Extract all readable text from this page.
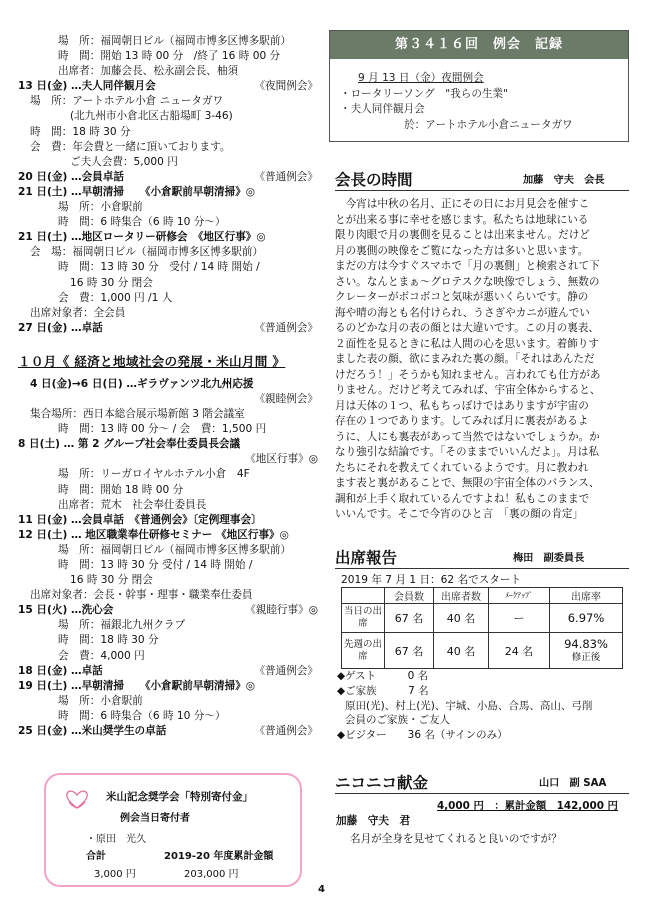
場　所：福岡朝日ビル（福岡市博多区博多駅前）
時　間：開始 13 時 00 分　/終了 16 時 00 分
出席者：加藤会長、松永副会長、柚須
13 日(金) …夫人同伴観月会	《夜間例会》
場　所：アートホテル小倉 ニュータガワ
(北九州市小倉北区古船場町 3-46)
時　間：18 時 30 分
会　費：年会費と一緒に頂いております。
ご夫人会費：5,000 円
20 日(金) …会員卓話	《普通例会》
21 日(土) …早朝清掃　　《小倉駅前早朝清掃》◎
場　所：小倉駅前
時　間：6 時集合（6 時 10 分～）
21 日(土) …地区ロータリー研修会　《地区行事》◎
会　場：福岡朝日ビル（福岡市博多区博多駅前）
時　間：13 時 30 分　受付 / 14 時 開始 /
16 時 30 分 閉会
会　費：1,000 円 /1 人
出席対象者：全会員
27 日(金) …卓話	《普通例会》
１０月《 経済と地域社会の発展・米山月間 》
4 日(金)→6 日(日) …ギラヴァンツ北九州応援
《親睦例会》
集合場所：西日本総合展示場新館 3 階会議室
時　間：13 時 00 分～ / 会　費：1,500 円
8 日(土) … 第 2 グループ社会奉仕委員長会議
《地区行事》◎
場　所：リーガロイヤルホテル小倉　4F
時　間：開始 18 時 00 分
出席者：荒木　社会奉仕委員長
11 日(金) …会員卓話　《普通例会》〔定例理事会〕
12 日(土) … 地区職業奉仕研修セミナー 《地区行事》◎
場　所：福岡朝日ビル（福岡市博多区博多駅前）
時　間：13 時 30 分 受付 / 14 時 開始 /
16 時 30 分 閉会
出席対象者：会長・幹事・理事・職業奉仕委員
15 日(火) …洗心会	《親睦行事》◎
場　所：福銀北九州クラブ
時　間：18 時 30 分
会　費：4,000 円
18 日(金) …卓話	《普通例会》
19 日(土) …早朝清掃　　《小倉駅前早朝清掃》◎
場　所：小倉駅前
時　間：6 時集合（6 時 10 分～）
25 日(金) …米山奨学生の卓話	《普通例会》
米山記念奨学会「特別寄付金」
例会当日寄付者
・原田　光久
合計	2019-20 年度累計金額
3,000 円	203,000 円
第３４１６回　例会　記録
9 月 13 日（金）夜間例会
・ロータリーソング　"我らの生業"
・夫人同伴観月会
於：アートホテル小倉ニュータガワ
会長の時間	加藤　守夫　会長
　今宵は中秋の名月、正にその日にお月見会を催すこ
とが出来る事に幸せを感じます。私たちは地球にいる
限り肉眼で月の裏側を見ることは出来ません。だけど
月の裏側の映像をご覧になった方は多いと思います。
まだの方は今すぐスマホで「月の裏側」と検索されて下
さい。なんとまぁ～グロテスクな映像でしょう、無数の
クレーターがボコボコと気味が悪いくらいです。静の
海や晴の海とも名付けられ、うさぎやカニが遊んでい
るのどかな月の表の顔とは大違いです。この月の裏表、
２面性を見るときに私は人間の心を思います。着飾りす
ました表の顔、欲にまみれた裏の顔。「それはあんただ
けだろう！」そうかも知れません。言われても仕方があ
りません。だけど考えてみれば、宇宙全体からすると、
月は天体の１つ、私もちっぽけではありますが宇宙の
存在の１つであります。してみれば月に裏表があるよ
うに、人にも裏表があって当然ではないでしょうか。か
なり強引な結論です。「そのままでいいんだよ」。月は私
たちにそれを教えてくれているようです。月に教われ
ます表と裏があることで、無限の宇宙全体のバランス、
調和が上手く取れているんですよね！私もこのままで
いいんです。そこで今宵のひと言　「裏の顔の肯定」
出席報告	梅田　副委員長
2019 年 7 月 1 日：62 名でスタート
	会員数	出席者数	ﾒｰｸｱｯﾌﾟ	出席率
当日の出席	67 名	40 名	ー	6.97%
先週の出席	67 名	40 名	24 名	94.83%
修正後
◆ゲスト　　　0 名
◆ご家族　　　7 名
原田(光)、村上(光)、宇城、小島、合馬、高山、弓削
会員のご家族・ご友人
◆ビジター　　36 名（サインのみ）
ニコニコ献金	山口　副 SAA
4,000 円　：累計金額　142,000 円
加藤　守夫　君
名月が全身を見せてくれると良いのですが？
4
